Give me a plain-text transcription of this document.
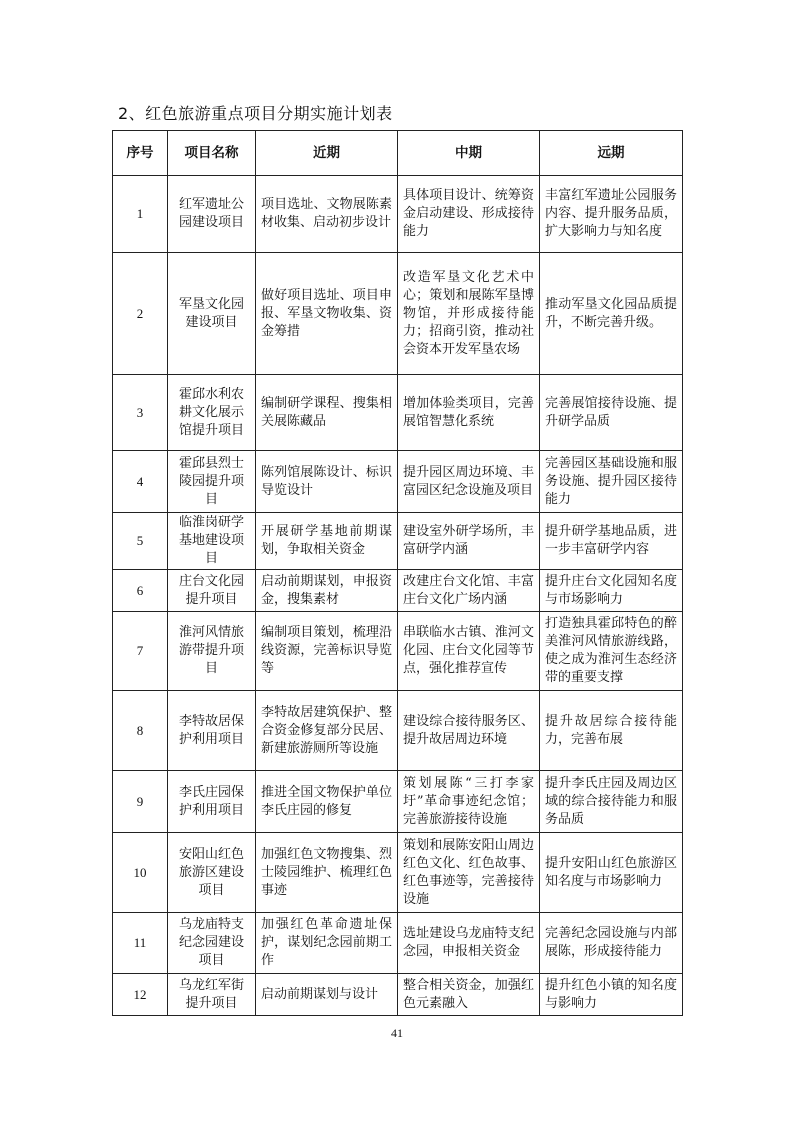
2、红色旅游重点项目分期实施计划表
序号	项目名称	近期	中期	远期
1	红军遗址公园建设项目	项目选址、文物展陈素材收集、启动初步设计	具体项目设计、统筹资金启动建设、形成接待能力	丰富红军遗址公园服务内容、提升服务品质，扩大影响力与知名度
2	军垦文化园建设项目	做好项目选址、项目申报、军垦文物收集、资金筹措	改造军垦文化艺术中心；策划和展陈军垦博物馆，并形成接待能力；招商引资，推动社会资本开发军垦农场	推动军垦文化园品质提升，不断完善升级。
3	霍邱水利农耕文化展示馆提升项目	编制研学课程、搜集相关展陈藏品	增加体验类项目，完善展馆智慧化系统	完善展馆接待设施、提升研学品质
4	霍邱县烈士陵园提升项目	陈列馆展陈设计、标识导览设计	提升园区周边环境、丰富园区纪念设施及项目	完善园区基础设施和服务设施、提升园区接待能力
5	临淮岗研学基地建设项目	开展研学基地前期谋划，争取相关资金	建设室外研学场所，丰富研学内涵	提升研学基地品质，进一步丰富研学内容
6	庄台文化园提升项目	启动前期谋划，申报资金，搜集素材	改建庄台文化馆、丰富庄台文化广场内涵	提升庄台文化园知名度与市场影响力
7	淮河风情旅游带提升项目	编制项目策划，梳理沿线资源，完善标识导览等	串联临水古镇、淮河文化园、庄台文化园等节点，强化推荐宣传	打造独具霍邱特色的醉美淮河风情旅游线路，使之成为淮河生态经济带的重要支撑
8	李特故居保护利用项目	李特故居建筑保护、整合资金修复部分民居、新建旅游厕所等设施	建设综合接待服务区、提升故居周边环境	提升故居综合接待能力，完善布展
9	李氏庄园保护利用项目	推进全国文物保护单位李氏庄园的修复	策划展陈“三打李家圩”革命事迹纪念馆；完善旅游接待设施	提升李氏庄园及周边区域的综合接待能力和服务品质
10	安阳山红色旅游区建设项目	加强红色文物搜集、烈士陵园维护、梳理红色事迹	策划和展陈安阳山周边红色文化、红色故事、红色事迹等，完善接待设施	提升安阳山红色旅游区知名度与市场影响力
11	乌龙庙特支纪念园建设项目	加强红色革命遗址保护，谋划纪念园前期工作	选址建设乌龙庙特支纪念园，申报相关资金	完善纪念园设施与内部展陈，形成接待能力
12	乌龙红军街提升项目	启动前期谋划与设计	整合相关资金，加强红色元素融入	提升红色小镇的知名度与影响力
41
